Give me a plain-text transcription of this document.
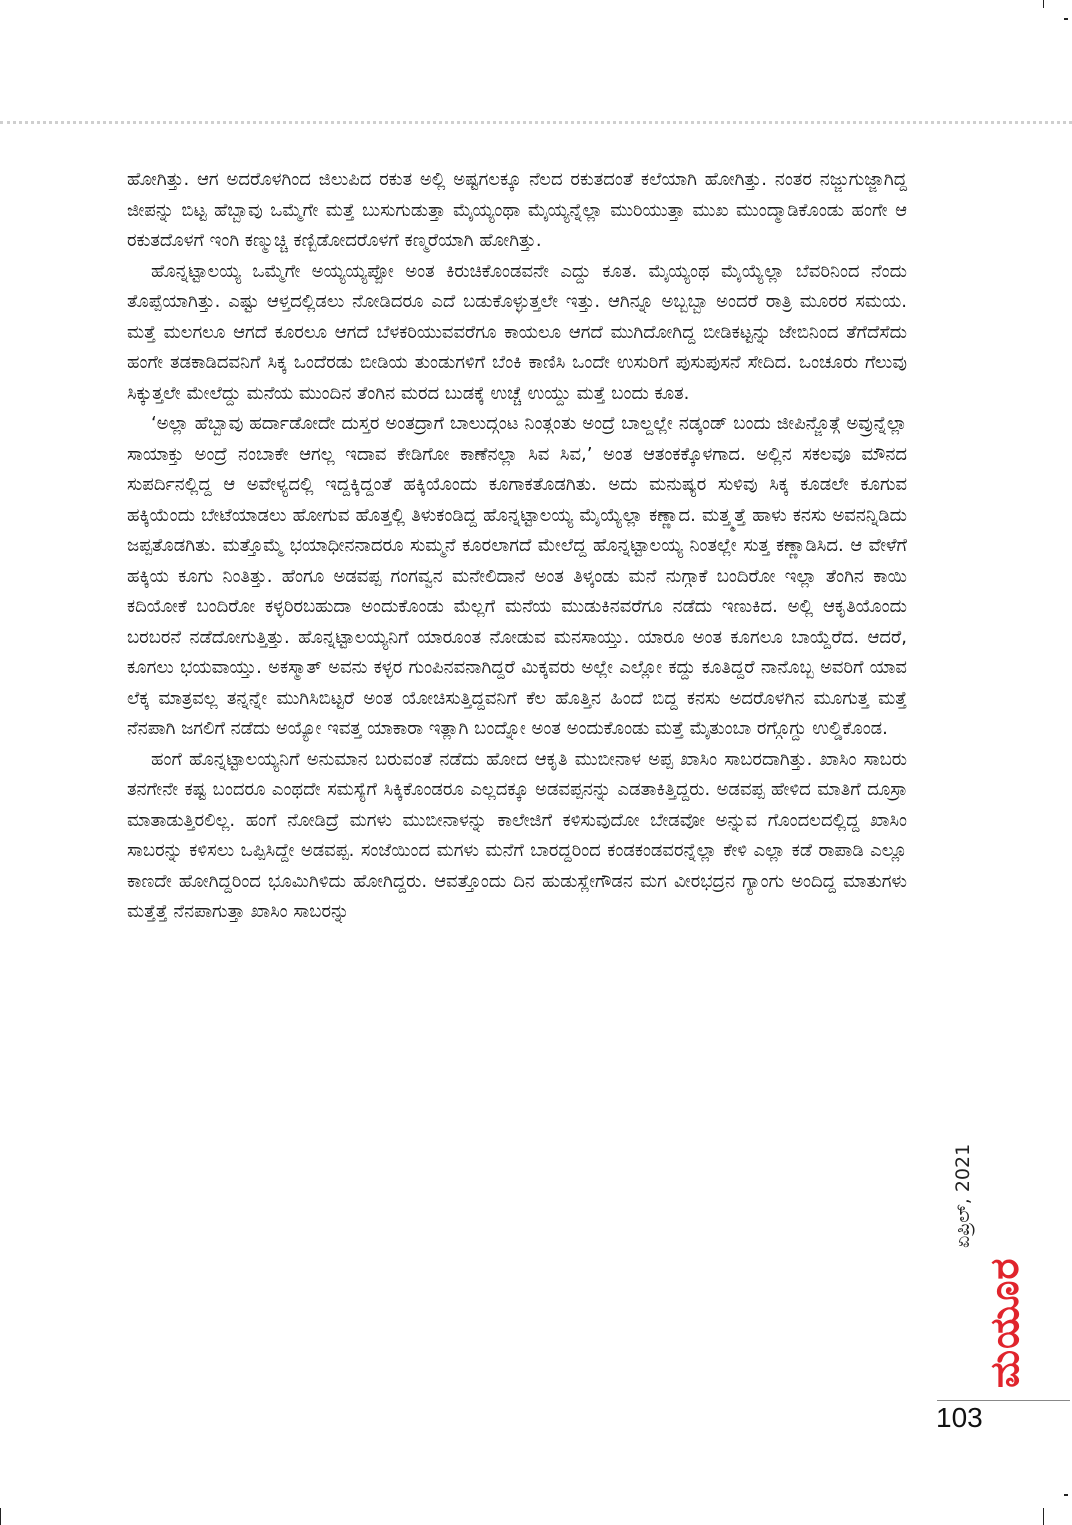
ಹೋಗಿತ್ತು. ಆಗ ಅದರೊಳಗಿಂದ ಜಿಲುಪಿದ ರಕುತ ಅಲ್ಲಿ ಅಷ್ಟಗಲಕ್ಕೂ ನೆಲದ ರಕುತದಂತೆ ಕಲೆಯಾಗಿ ಹೋಗಿತ್ತು. ನಂತರ ನಜ್ಜುಗುಜ್ಜಾಗಿದ್ದ ಜೀಪನ್ನು ಬಿಟ್ಟ ಹೆಬ್ಬಾವು ಒಮ್ಮೆಗೇ ಮತ್ತೆ ಬುಸುಗುಡುತ್ತಾ ಮೈಯ್ಯಂಥಾ ಮೈಯ್ಯನ್ನೆಲ್ಲಾ ಮುರಿಯುತ್ತಾ ಮುಖ ಮುಂದ್ಮಾಡಿಕೊಂಡು ಹಂಗೇ ಆ ರಕುತದೊಳಗೆ ಇಂಗಿ ಕಣ್ಮುಚ್ಚಿ ಕಣ್ಬಿಡೋದರೊಳಗೆ ಕಣ್ಮರೆಯಾಗಿ ಹೋಗಿತ್ತು.

ಹೊನ್ನಟ್ಟಾಲಯ್ಯ ಒಮ್ಮೆಗೇ ಅಯ್ಯಯ್ಯಪ್ಪೋ ಅಂತ ಕಿರುಚಿಕೊಂಡವನೇ ಎದ್ದು ಕೂತ. ಮೈಯ್ಯಂಥ ಮೈಯ್ಯೆಲ್ಲಾ ಬೆವರಿನಿಂದ ನೆಂದು ತೊಪ್ಪೆಯಾಗಿತ್ತು. ಎಷ್ಟು ಆಳ್ತದಲ್ಲಿಡಲು ನೋಡಿದರೂ ಎದೆ ಬಡುಕೊಳ್ಳುತ್ತಲೇ ಇತ್ತು. ಆಗಿನ್ನೂ ಅಬ್ಬಬ್ಬಾ ಅಂದರೆ ರಾತ್ರಿ ಮೂರರ ಸಮಯ. ಮತ್ತೆ ಮಲಗಲೂ ಆಗದೆ ಕೂರಲೂ ಆಗದೆ ಬೆಳಕರಿಯುವವರೆಗೂ ಕಾಯಲೂ ಆಗದೆ ಮುಗಿದೋಗಿದ್ದ ಬೀಡಿಕಟ್ಟನ್ನು ಜೇಬಿನಿಂದ ತೆಗೆದೆಸೆದು ಹಂಗೇ ತಡಕಾಡಿದವನಿಗೆ ಸಿಕ್ಕ ಒಂದೆರಡು ಬೀಡಿಯ ತುಂಡುಗಳಿಗೆ ಬೆಂಕಿ ಕಾಣಿಸಿ ಒಂದೇ ಉಸುರಿಗೆ ಪುಸುಪುಸನೆ ಸೇದಿದ. ಒಂಚೂರು ಗೆಲುವು ಸಿಕ್ಕುತ್ತಲೇ ಮೇಲೆದ್ದು ಮನೆಯ ಮುಂದಿನ ತೆಂಗಿನ ಮರದ ಬುಡಕ್ಕೆ ಉಚ್ಚೆ ಉಯ್ದು ಮತ್ತೆ ಬಂದು ಕೂತ.

‘ಅಲ್ಲಾ ಹೆಬ್ಬಾವು ಹರ್ದಾಡೋದೇ ದುಸ್ತರ ಅಂತದ್ರಾಗೆ ಬಾಲುದ್ಗಂಟ ನಿಂತ್ಗಂತು ಅಂದ್ರೆ ಬಾಲ್ದಲ್ಲೇ ನಡ್ಕಂಡ್ ಬಂದು ಜೀಪಿನ್ಜೊತ್ಗೆ ಅವ್ರುನ್ನೆಲ್ಲಾ ಸಾಯಾಕ್ತು ಅಂದ್ರೆ ನಂಬಾಕೇ ಆಗಲ್ಲ ಇದಾವ ಕೇಡಿಗೋ ಕಾಣೆನಲ್ಲಾ ಸಿವ ಸಿವ,’ ಅಂತ ಆತಂಕಕ್ಕೊಳಗಾದ. ಅಲ್ಲಿನ ಸಕಲವೂ ಮೌನದ ಸುಪರ್ದಿನಲ್ಲಿದ್ದ ಆ ಅವೇಳ್ಯದಲ್ಲಿ ಇದ್ದಕ್ಕಿದ್ದಂತೆ ಹಕ್ಕಿಯೊಂದು ಕೂಗಾಕತೊಡಗಿತು. ಅದು ಮನುಷ್ಯರ ಸುಳಿವು ಸಿಕ್ಕ ಕೂಡಲೇ ಕೂಗುವ ಹಕ್ಕಿಯೆಂದು ಬೇಟೆಯಾಡಲು ಹೋಗುವ ಹೊತ್ತಲ್ಲಿ ತಿಳುಕಂಡಿದ್ದ ಹೊನ್ನಟ್ಟಾಲಯ್ಯ ಮೈಯ್ಯೆಲ್ಲಾ ಕಣ್ಣಾದ. ಮತ್ತ್ಮತ್ತೆ ಹಾಳು ಕನಸು ಅವನನ್ನಿಡಿದು ಜಪ್ಪತೊಡಗಿತು. ಮತ್ತೊಮ್ಮೆ ಭಯಾಧೀನನಾದರೂ ಸುಮ್ಮನೆ ಕೂರಲಾಗದೆ ಮೇಲೆದ್ದ ಹೊನ್ನಟ್ಟಾಲಯ್ಯ ನಿಂತಲ್ಲೇ ಸುತ್ತ ಕಣ್ಣಾಡಿಸಿದ. ಆ ವೇಳೆಗೆ ಹಕ್ಕಿಯ ಕೂಗು ನಿಂತಿತ್ತು. ಹೆಂಗೂ ಅಡವಪ್ಪ ಗಂಗವ್ವನ ಮನೇಲಿದಾನೆ ಅಂತ ತಿಳ್ಕಂಡು ಮನೆ ನುಗ್ಗಾಕೆ ಬಂದಿರೋ ಇಲ್ಲಾ ತೆಂಗಿನ ಕಾಯಿ ಕದಿಯೋಕೆ ಬಂದಿರೋ ಕಳ್ಳರಿರಬಹುದಾ ಅಂದುಕೊಂಡು ಮೆಲ್ಲಗೆ ಮನೆಯ ಮುಡುಕಿನವರೆಗೂ ನಡೆದು ಇಣುಕಿದ. ಅಲ್ಲಿ ಆಕೃತಿಯೊಂದು ಬರಬರನೆ ನಡೆದೋಗುತ್ತಿತ್ತು. ಹೊನ್ನಟ್ಟಾಲಯ್ಯನಿಗೆ ಯಾರೂಂತ ನೋಡುವ ಮನಸಾಯ್ತು. ಯಾರೂ ಅಂತ ಕೂಗಲೂ ಬಾಯ್ದೆರೆದ. ಆದರೆ, ಕೂಗಲು ಭಯವಾಯ್ತು. ಅಕಸ್ಮಾತ್ ಅವನು ಕಳ್ಳರ ಗುಂಪಿನವನಾಗಿದ್ದರೆ ಮಿಕ್ಕವರು ಅಲ್ಲೇ ಎಲ್ಲೋ ಕದ್ದು ಕೂತಿದ್ದರೆ ನಾನೊಬ್ಬ ಅವರಿಗೆ ಯಾವ ಲೆಕ್ಕ ಮಾತ್ರವಲ್ಲ ತನ್ನನ್ನೇ ಮುಗಿಸಿಬಿಟ್ಟರೆ ಅಂತ ಯೋಚಿಸುತ್ತಿದ್ದವನಿಗೆ ಕೆಲ ಹೊತ್ತಿನ ಹಿಂದೆ ಬಿದ್ದ ಕನಸು ಅದರೊಳಗಿನ ಮೂಗುತ್ತ ಮತ್ತೆ ನೆನಪಾಗಿ ಜಗಲಿಗೆ ನಡೆದು ಅಯ್ಯೋ ಇವತ್ತ ಯಾಕಾರಾ ಇತ್ಲಾಗಿ ಬಂದ್ನೋ ಅಂತ ಅಂದುಕೊಂಡು ಮತ್ತೆ ಮೈತುಂಬಾ ರಗ್ಗೊಗ್ದು ಉಲ್ಡಿಕೊಂಡ.

ಹಂಗೆ ಹೊನ್ನಟ್ಟಾಲಯ್ಯನಿಗೆ ಅನುಮಾನ ಬರುವಂತೆ ನಡೆದು ಹೋದ ಆಕೃತಿ ಮುಬೀನಾಳ ಅಪ್ಪ ಖಾಸಿಂ ಸಾಬರದಾಗಿತ್ತು. ಖಾಸಿಂ ಸಾಬರು ತನಗೇನೇ ಕಷ್ಟ ಬಂದರೂ ಎಂಥದೇ ಸಮಸ್ಯೆಗೆ ಸಿಕ್ಕಿಕೊಂಡರೂ ಎಲ್ಲದಕ್ಕೂ ಅಡವಪ್ಪನನ್ನು ಎಡತಾಕಿತ್ತಿದ್ದರು. ಅಡವಪ್ಪ ಹೇಳಿದ ಮಾತಿಗೆ ದೂಸ್ರಾ ಮಾತಾಡುತ್ತಿರಲಿಲ್ಲ. ಹಂಗೆ ನೋಡಿದ್ರೆ ಮಗಳು ಮುಬೀನಾಳನ್ನು ಕಾಲೇಜಿಗೆ ಕಳಿಸುವುದೋ ಬೇಡವೋ ಅನ್ನುವ ಗೊಂದಲದಲ್ಲಿದ್ದ ಖಾಸಿಂ ಸಾಬರನ್ನು ಕಳಿಸಲು ಒಪ್ಪಿಸಿದ್ದೇ ಅಡವಪ್ಪ. ಸಂಜೆಯಿಂದ ಮಗಳು ಮನೆಗೆ ಬಾರದ್ದರಿಂದ ಕಂಡಕಂಡವರನ್ನೆಲ್ಲಾ ಕೇಳಿ ಎಲ್ಲಾ ಕಡೆ ರಾಪಾಡಿ ಎಲ್ಲೂ ಕಾಣದೇ ಹೋಗಿದ್ದರಿಂದ ಭೂಮಿಗಿಳಿದು ಹೋಗಿದ್ದರು. ಆವತ್ತೊಂದು ದಿನ ಹುಡುಸ್ಲೇಗೌಡನ ಮಗ ವೀರಭದ್ರನ ಗ್ಯಾಂಗು ಅಂದಿದ್ದ ಮಾತುಗಳು ಮತ್ತೆತ್ತೆ ನೆನಪಾಗುತ್ತಾ ಖಾಸಿಂ ಸಾಬರನ್ನು

ಏಪ್ರಿಲ್, 2021
ಮಯೂರ
103
